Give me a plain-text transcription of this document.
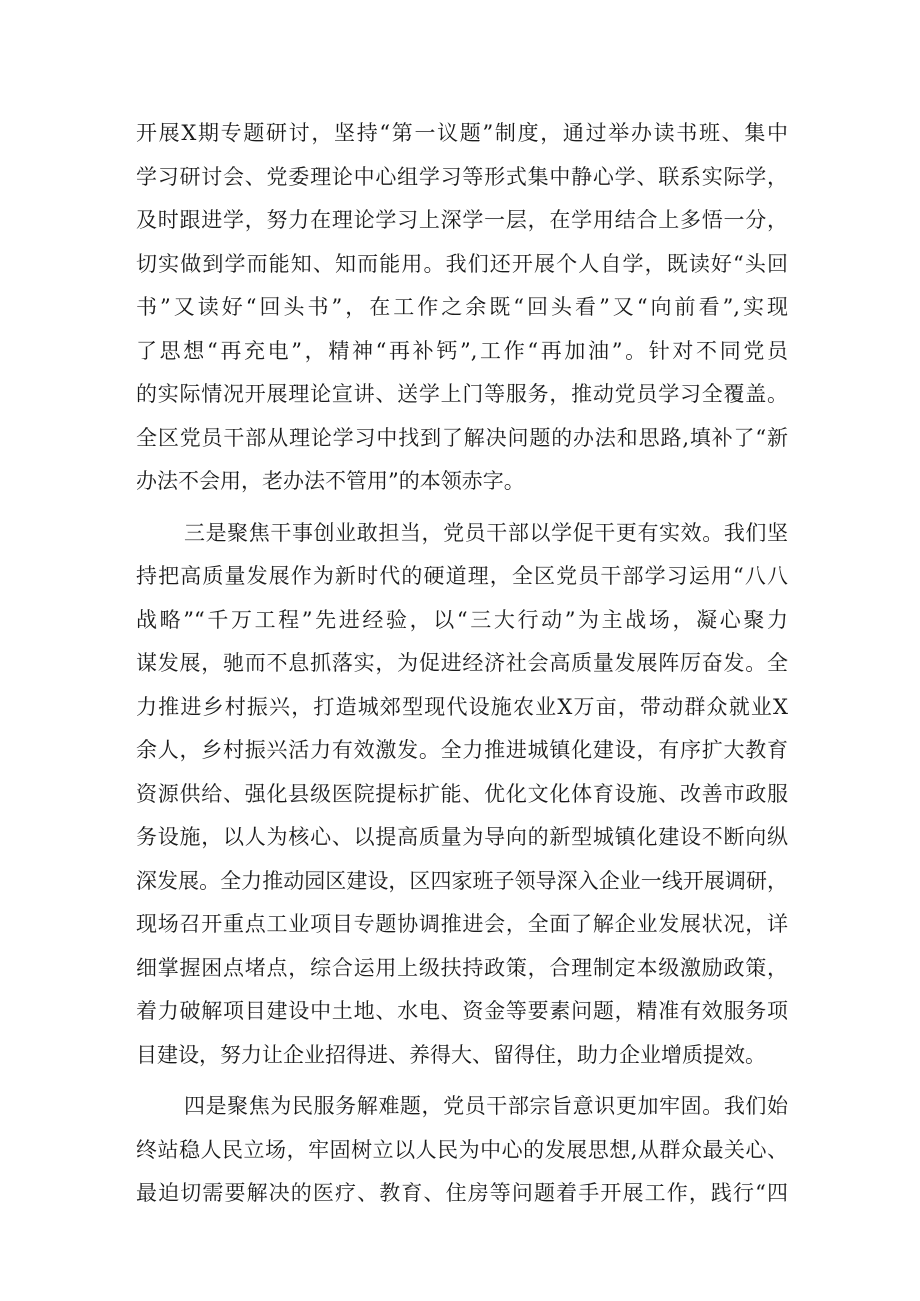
开展X期专题研讨，坚持“第一议题”制度，通过举办读书班、集中
学习研讨会、党委理论中心组学习等形式集中静心学、联系实际学，
及时跟进学，努力在理论学习上深学一层，在学用结合上多悟一分，
切实做到学而能知、知而能用。我们还开展个人自学，既读好“头回
书”又读好“回头书”，在工作之余既“回头看”又“向前看”,实现
了思想“再充电”，精神“再补钙”,工作“再加油”。针对不同党员
的实际情况开展理论宣讲、送学上门等服务，推动党员学习全覆盖。
全区党员干部从理论学习中找到了解决问题的办法和思路,填补了“新
办法不会用，老办法不管用”的本领赤字。
三是聚焦干事创业敢担当，党员干部以学促干更有实效。我们坚
持把高质量发展作为新时代的硬道理，全区党员干部学习运用“八八
战略”“千万工程”先进经验，以“三大行动”为主战场，凝心聚力
谋发展，驰而不息抓落实，为促进经济社会高质量发展阵厉奋发。全
力推进乡村振兴，打造城郊型现代设施农业X万亩，带动群众就业X
余人，乡村振兴活力有效激发。全力推进城镇化建设，有序扩大教育
资源供给、强化县级医院提标扩能、优化文化体育设施、改善市政服
务设施，以人为核心、以提高质量为导向的新型城镇化建设不断向纵
深发展。全力推动园区建设，区四家班子领导深入企业一线开展调研，
现场召开重点工业项目专题协调推进会，全面了解企业发展状况，详
细掌握困点堵点，综合运用上级扶持政策，合理制定本级激励政策，
着力破解项目建设中土地、水电、资金等要素问题，精准有效服务项
目建设，努力让企业招得进、养得大、留得住，助力企业增质提效。
四是聚焦为民服务解难题，党员干部宗旨意识更加牢固。我们始
终站稳人民立场，牢固树立以人民为中心的发展思想,从群众最关心、
最迫切需要解决的医疗、教育、住房等问题着手开展工作，践行“四
